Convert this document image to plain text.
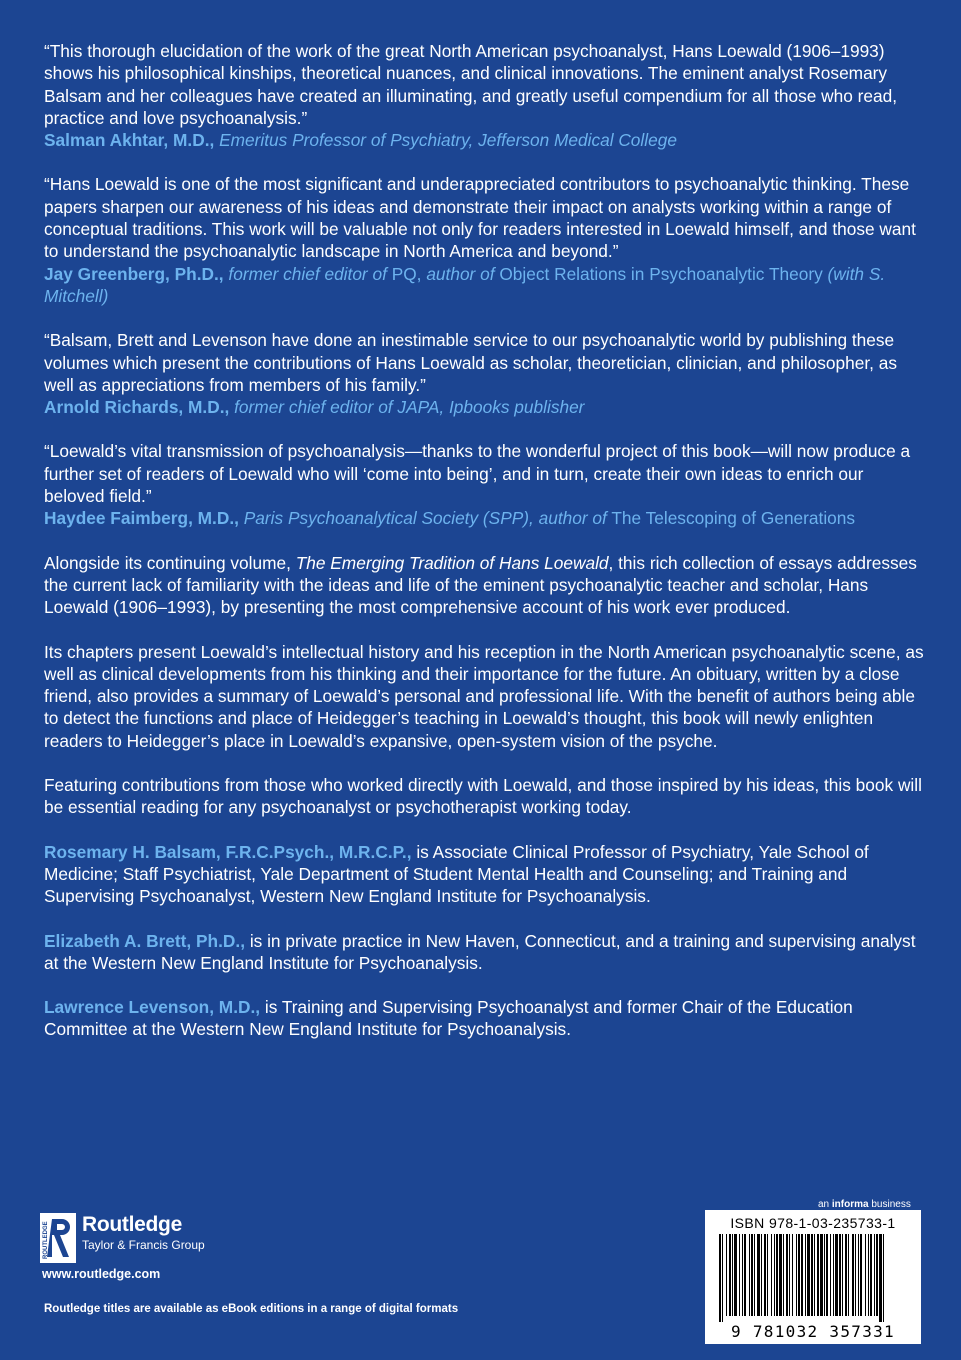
“This thorough elucidation of the work of the great North American psychoanalyst, Hans Loewald (1906–1993) shows his philosophical kinships, theoretical nuances, and clinical innovations. The eminent analyst Rosemary Balsam and her colleagues have created an illuminating, and greatly useful compendium for all those who read, practice and love psychoanalysis.”

Salman Akhtar, M.D., Emeritus Professor of Psychiatry, Jefferson Medical College

“Hans Loewald is one of the most significant and underappreciated contributors to psychoanalytic thinking. These papers sharpen our awareness of his ideas and demonstrate their impact on analysts working within a range of conceptual traditions. This work will be valuable not only for readers interested in Loewald himself, and those want to understand the psychoanalytic landscape in North America and beyond.”

Jay Greenberg, Ph.D., former chief editor of PQ, author of Object Relations in Psychoanalytic Theory (with S. Mitchell)

“Balsam, Brett and Levenson have done an inestimable service to our psychoanalytic world by publishing these volumes which present the contributions of Hans Loewald as scholar, theoretician, clinician, and philosopher, as well as appreciations from members of his family.”

Arnold Richards, M.D., former chief editor of JAPA, Ipbooks publisher

“Loewald’s vital transmission of psychoanalysis—thanks to the wonderful project of this book—will now produce a further set of readers of Loewald who will ‘come into being’, and in turn, create their own ideas to enrich our beloved field.”

Haydee Faimberg, M.D., Paris Psychoanalytical Society (SPP), author of The Telescoping of Generations

Alongside its continuing volume, The Emerging Tradition of Hans Loewald, this rich collection of essays addresses the current lack of familiarity with the ideas and life of the eminent psychoanalytic teacher and scholar, Hans Loewald (1906–1993), by presenting the most comprehensive account of his work ever produced.

Its chapters present Loewald’s intellectual history and his reception in the North American psychoanalytic scene, as well as clinical developments from his thinking and their importance for the future. An obituary, written by a close friend, also provides a summary of Loewald’s personal and professional life. With the benefit of authors being able to detect the functions and place of Heidegger’s teaching in Loewald’s thought, this book will newly enlighten readers to Heidegger’s place in Loewald’s expansive, open-system vision of the psyche.

Featuring contributions from those who worked directly with Loewald, and those inspired by his ideas, this book will be essential reading for any psychoanalyst or psychotherapist working today.

Rosemary H. Balsam, F.R.C.Psych., M.R.C.P., is Associate Clinical Professor of Psychiatry, Yale School of Medicine; Staff Psychiatrist, Yale Department of Student Mental Health and Counseling; and Training and Supervising Psychoanalyst, Western New England Institute for Psychoanalysis.

Elizabeth A. Brett, Ph.D., is in private practice in New Haven, Connecticut, and a training and supervising analyst at the Western New England Institute for Psychoanalysis.

Lawrence Levenson, M.D., is Training and Supervising Psychoanalyst and former Chair of the Education Committee at the Western New England Institute for Psychoanalysis.

ROUTLEDGE Routledge
Taylor & Francis Group
www.routledge.com
Routledge titles are available as eBook editions in a range of digital formats
an informa business
ISBN 978-1-03-235733-1
9 781032 357331
